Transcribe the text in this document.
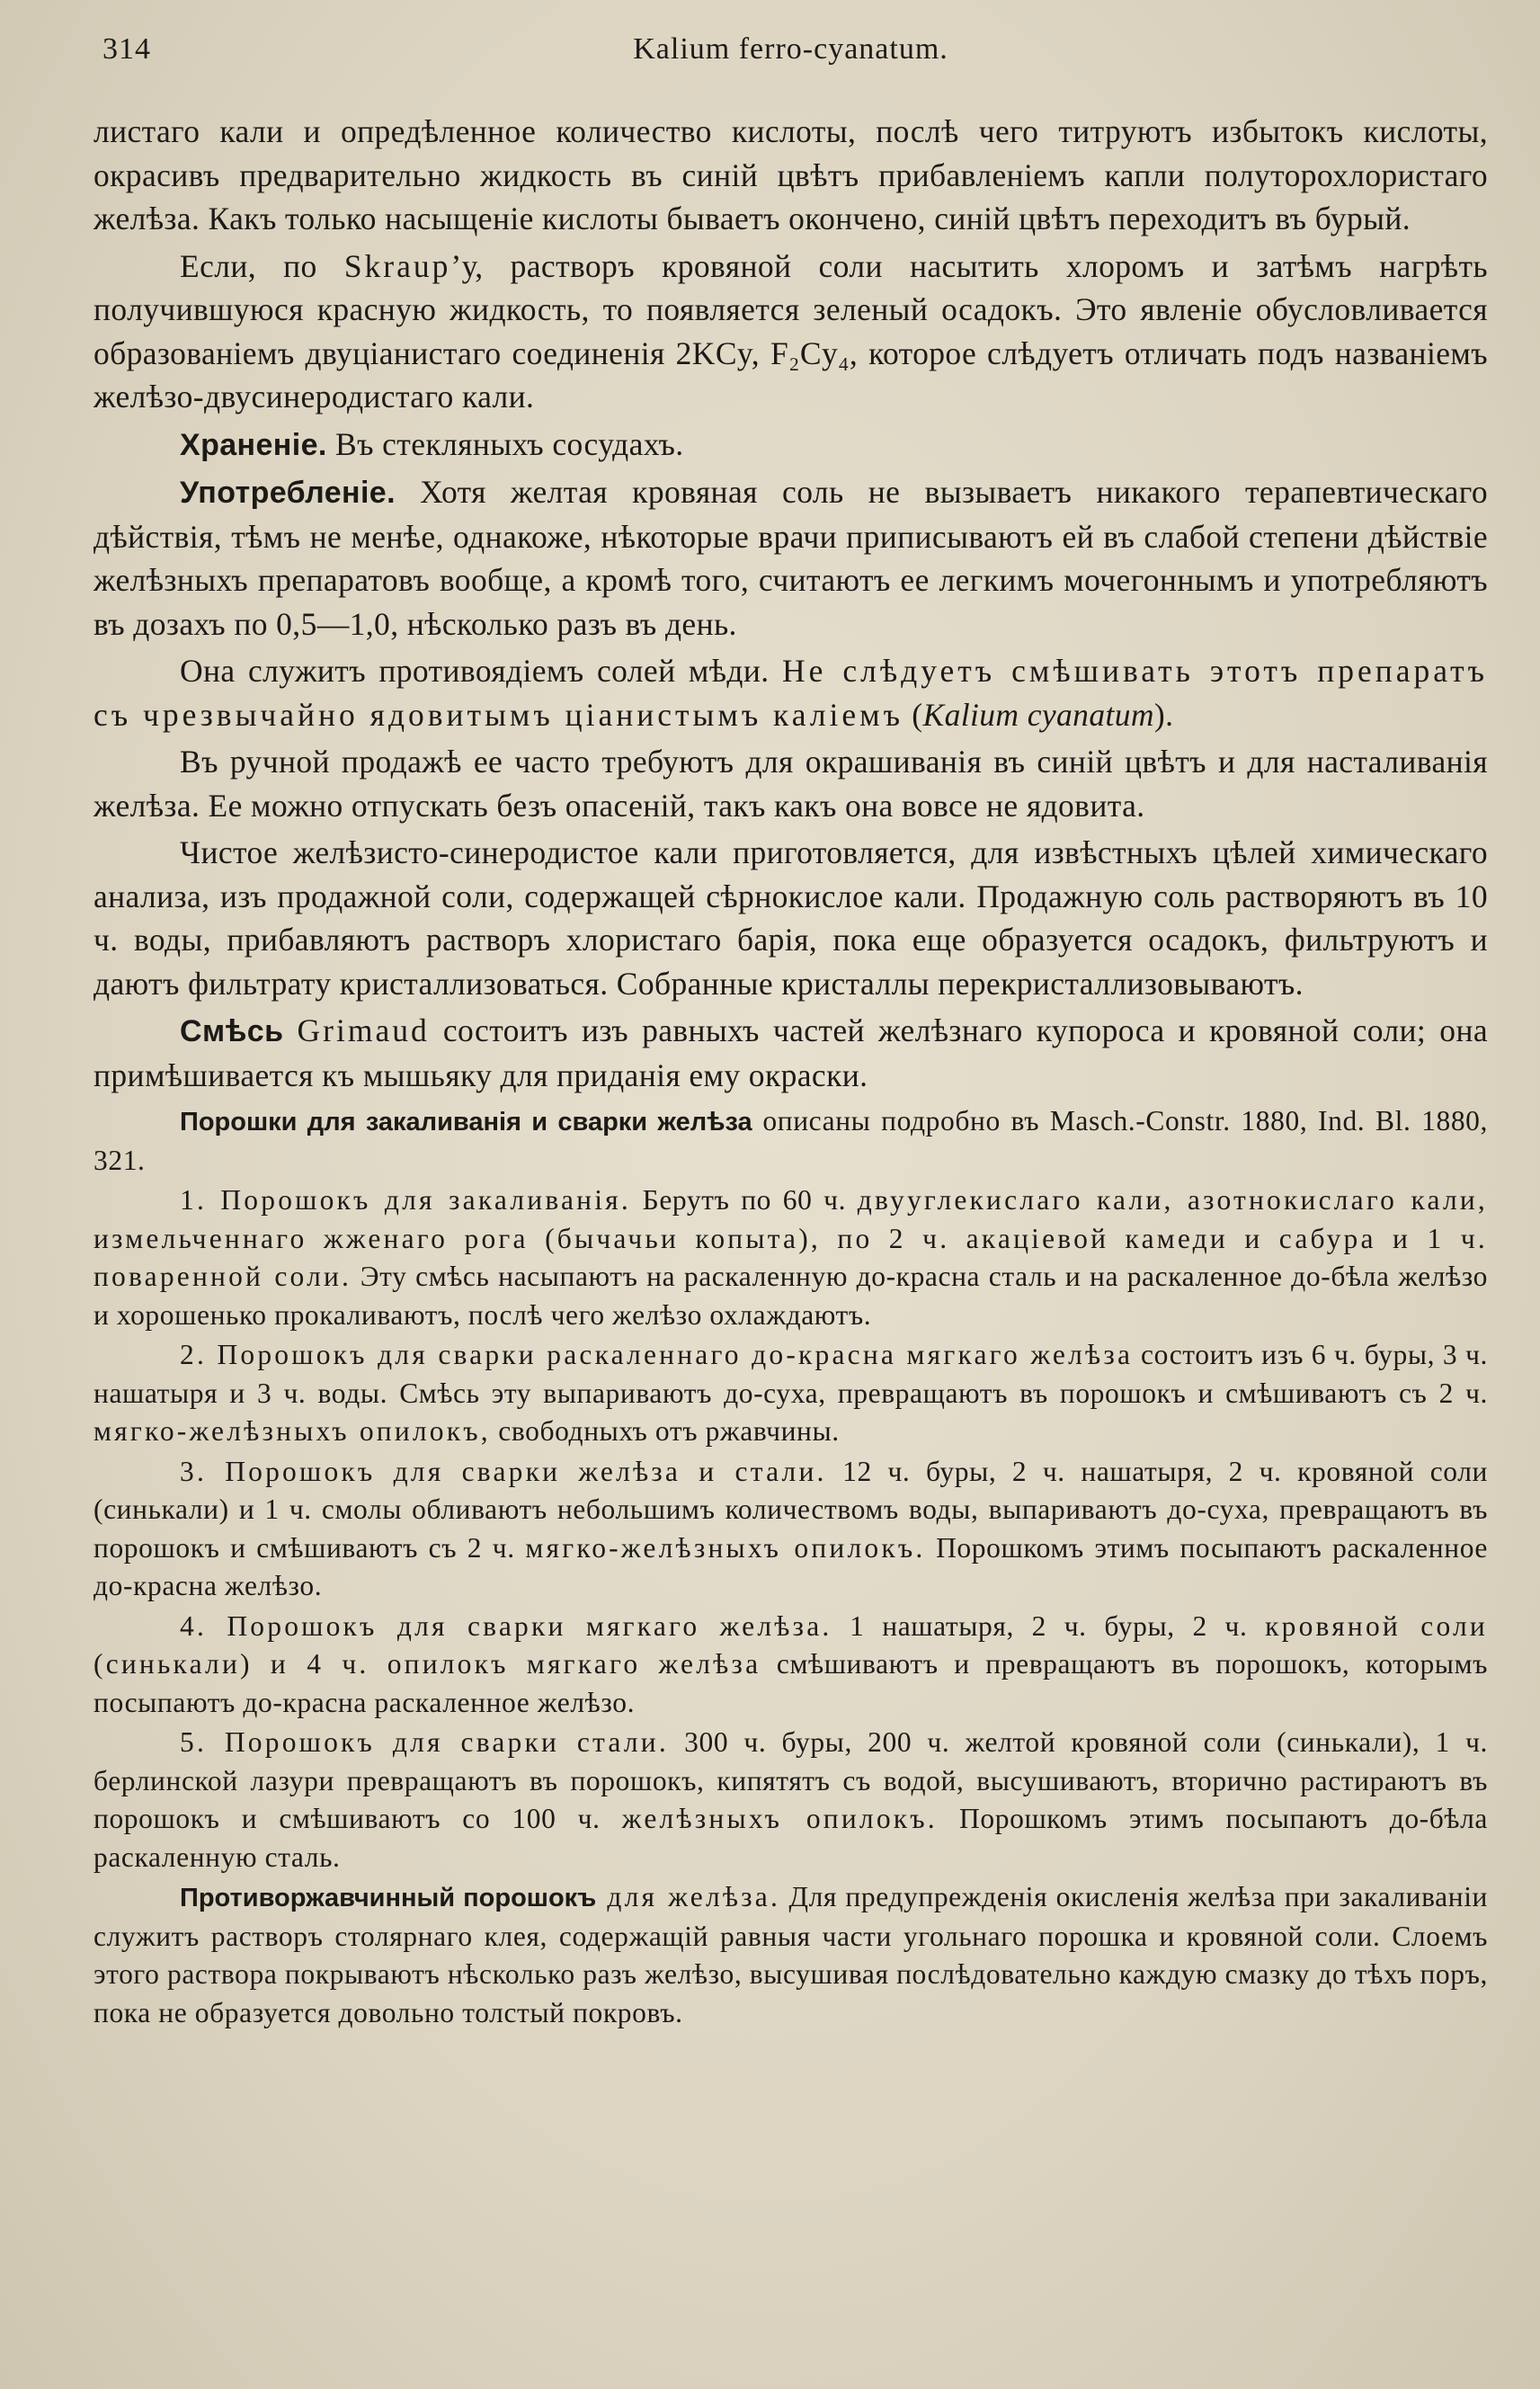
314	Kalium ferro-cyanatum.

листаго кали и опредѣленное количество кислоты, послѣ чего титруютъ избытокъ кислоты, окрасивъ предварительно жидкость въ синій цвѣтъ прибавленіемъ капли полуторохлористаго желѣза. Какъ только насыщеніе кислоты бываетъ окончено, синій цвѣтъ переходитъ въ бурый.

Если, по Skraup’у, растворъ кровяной соли насытить хлоромъ и затѣмъ нагрѣть получившуюся красную жидкость, то появляется зеленый осадокъ. Это явленіе обусловливается образованіемъ двуціанистаго соединенія 2KCy, F₂Cy₄, которое слѣдуетъ отличать подъ названіемъ желѣзо-двусинеродистаго кали.

Храненіе. Въ стекляныхъ сосудахъ.

Употребленіе. Хотя желтая кровяная соль не вызываетъ никакого терапевтическаго дѣйствія, тѣмъ не менѣе, однакоже, нѣкоторые врачи приписываютъ ей въ слабой степени дѣйствіе желѣзныхъ препаратовъ вообще, а кромѣ того, считаютъ ее легкимъ мочегоннымъ и употребляютъ въ дозахъ по 0,5—1,0, нѣсколько разъ въ день.

Она служитъ противоядіемъ солей мѣди. Не слѣдуетъ смѣшивать этотъ препаратъ съ чрезвычайно ядовитымъ ціанистымъ каліемъ (Kalium cyanatum).

Въ ручной продажѣ ее часто требуютъ для окрашиванія въ синій цвѣтъ и для насталиванія желѣза. Ее можно отпускать безъ опасеній, такъ какъ она вовсе не ядовита.

Чистое желѣзисто-синеродистое кали приготовляется, для извѣстныхъ цѣлей химическаго анализа, изъ продажной соли, содержащей сѣрнокислое кали. Продажную соль растворяютъ въ 10 ч. воды, прибавляютъ растворъ хлористаго барія, пока еще образуется осадокъ, фильтруютъ и даютъ фильтрату кристаллизоваться. Собранные кристаллы перекристаллизовываютъ.

Смѣсь Grimaud состоитъ изъ равныхъ частей желѣзнаго купороса и кровяной соли; она примѣшивается къ мышьяку для приданія ему окраски.

Порошки для закаливанія и сварки желѣза описаны подробно въ Masch.-Constr. 1880, Ind. Bl. 1880, 321.

1. Порошокъ для закаливанія. Берутъ по 60 ч. двууглекислаго кали, азотнокислаго кали, измельченнаго жженаго рога (бычачьи копыта), по 2 ч. акаціевой камеди и сабура и 1 ч. поваренной соли. Эту смѣсь насыпаютъ на раскаленную до-красна сталь и на раскаленное до-бѣла желѣзо и хорошенько прокаливаютъ, послѣ чего желѣзо охлаждаютъ.

2. Порошокъ для сварки раскаленнаго до-красна мягкаго желѣза состоитъ изъ 6 ч. буры, 3 ч. нашатыря и 3 ч. воды. Смѣсь эту выпариваютъ до-суха, превращаютъ въ порошокъ и смѣшиваютъ съ 2 ч. мягко-желѣзныхъ опилокъ, свободныхъ отъ ржавчины.

3. Порошокъ для сварки желѣза и стали. 12 ч. буры, 2 ч. нашатыря, 2 ч. кровяной соли (синькали) и 1 ч. смолы обливаютъ небольшимъ количествомъ воды, выпариваютъ до-суха, превращаютъ въ порошокъ и смѣшиваютъ съ 2 ч. мягко-желѣзныхъ опилокъ. Порошкомъ этимъ посыпаютъ раскаленное до-красна желѣзо.

4. Порошокъ для сварки мягкаго желѣза. 1 нашатыря, 2 ч. буры, 2 ч. кровяной соли (синькали) и 4 ч. опилокъ мягкаго желѣза смѣшиваютъ и превращаютъ въ порошокъ, которымъ посыпаютъ до-красна раскаленное желѣзо.

5. Порошокъ для сварки стали. 300 ч. буры, 200 ч. желтой кровяной соли (синькали), 1 ч. берлинской лазури превращаютъ въ порошокъ, кипятятъ съ водой, высушиваютъ, вторично растираютъ въ порошокъ и смѣшиваютъ со 100 ч. желѣзныхъ опилокъ. Порошкомъ этимъ посыпаютъ до-бѣла раскаленную сталь.

Противоржавчинный порошокъ для желѣза. Для предупрежденія окисленія желѣза при закаливаніи служитъ растворъ столярнаго клея, содержащій равныя части угольнаго порошка и кровяной соли. Слоемъ этого раствора покрываютъ нѣсколько разъ желѣзо, высушивая послѣдовательно каждую смазку до тѣхъ поръ, пока не образуется довольно толстый покровъ.
